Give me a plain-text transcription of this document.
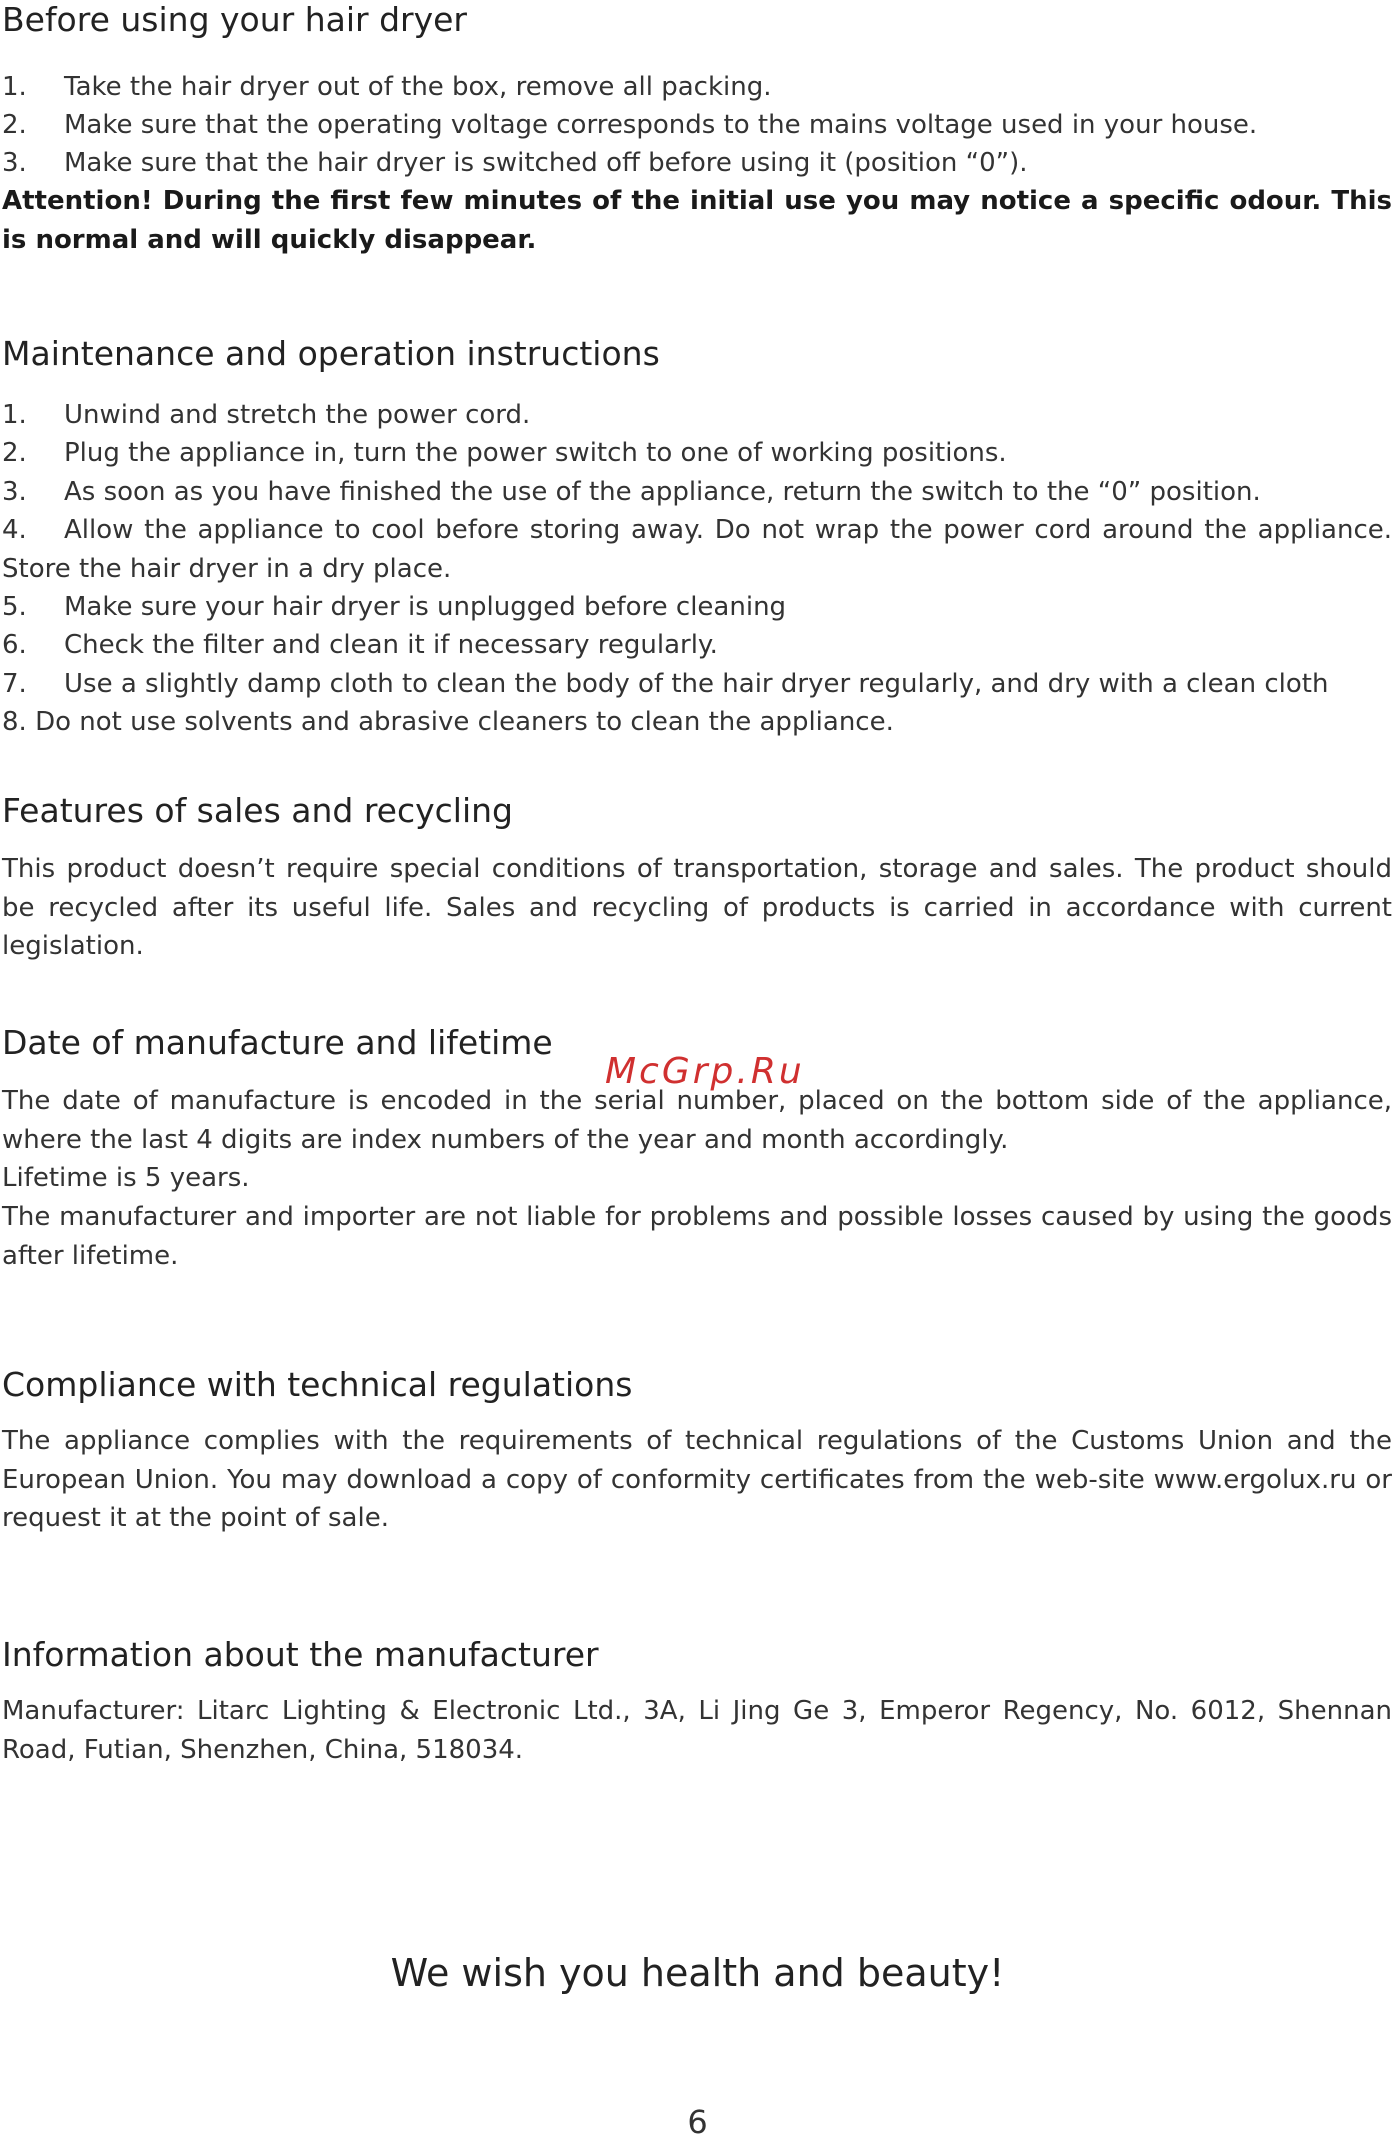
Before using your hair dryer
1. Take the hair dryer out of the box, remove all packing.
2. Make sure that the operating voltage corresponds to the mains voltage used in your house.
3. Make sure that the hair dryer is switched off before using it (position “0”).

Attention! During the first few minutes of the initial use you may notice a specific odour. This is normal and will quickly disappear.

Maintenance and operation instructions
1. Unwind and stretch the power cord.
2. Plug the appliance in, turn the power switch to one of working positions.
3. As soon as you have finished the use of the appliance, return the switch to the “0” position.
4. Allow the appliance to cool before storing away. Do not wrap the power cord around the appliance. Store the hair dryer in a dry place.
5. Make sure your hair dryer is unplugged before cleaning
6. Check the filter and clean it if necessary regularly.
7. Use a slightly damp cloth to clean the body of the hair dryer regularly, and dry with a clean cloth
8. Do not use solvents and abrasive cleaners to clean the appliance.
Features of sales and recycling

This product doesn’t require special conditions of transportation, storage and sales. The product should be recycled after its useful life. Sales and recycling of products is carried in accordance with current legislation.

Date of manufacture and lifetime

The date of manufacture is encoded in the serial number, placed on the bottom side of the appliance, where the last 4 digits are index numbers of the year and month accordingly.

Lifetime is 5 years.

The manufacturer and importer are not liable for problems and possible losses caused by using the goods after lifetime.

McGrp.Ru
Compliance with technical regulations

The appliance complies with the requirements of technical regulations of the Customs Union and the European Union. You may download a copy of conformity certificates from the web-site www.ergolux.ru or request it at the point of sale.

Information about the manufacturer

Manufacturer: Litarc Lighting & Electronic Ltd., 3A, Li Jing Ge 3, Emperor Regency, No. 6012, Shennan Road, Futian, Shenzhen, China, 518034.

We wish you health and beauty!
6
